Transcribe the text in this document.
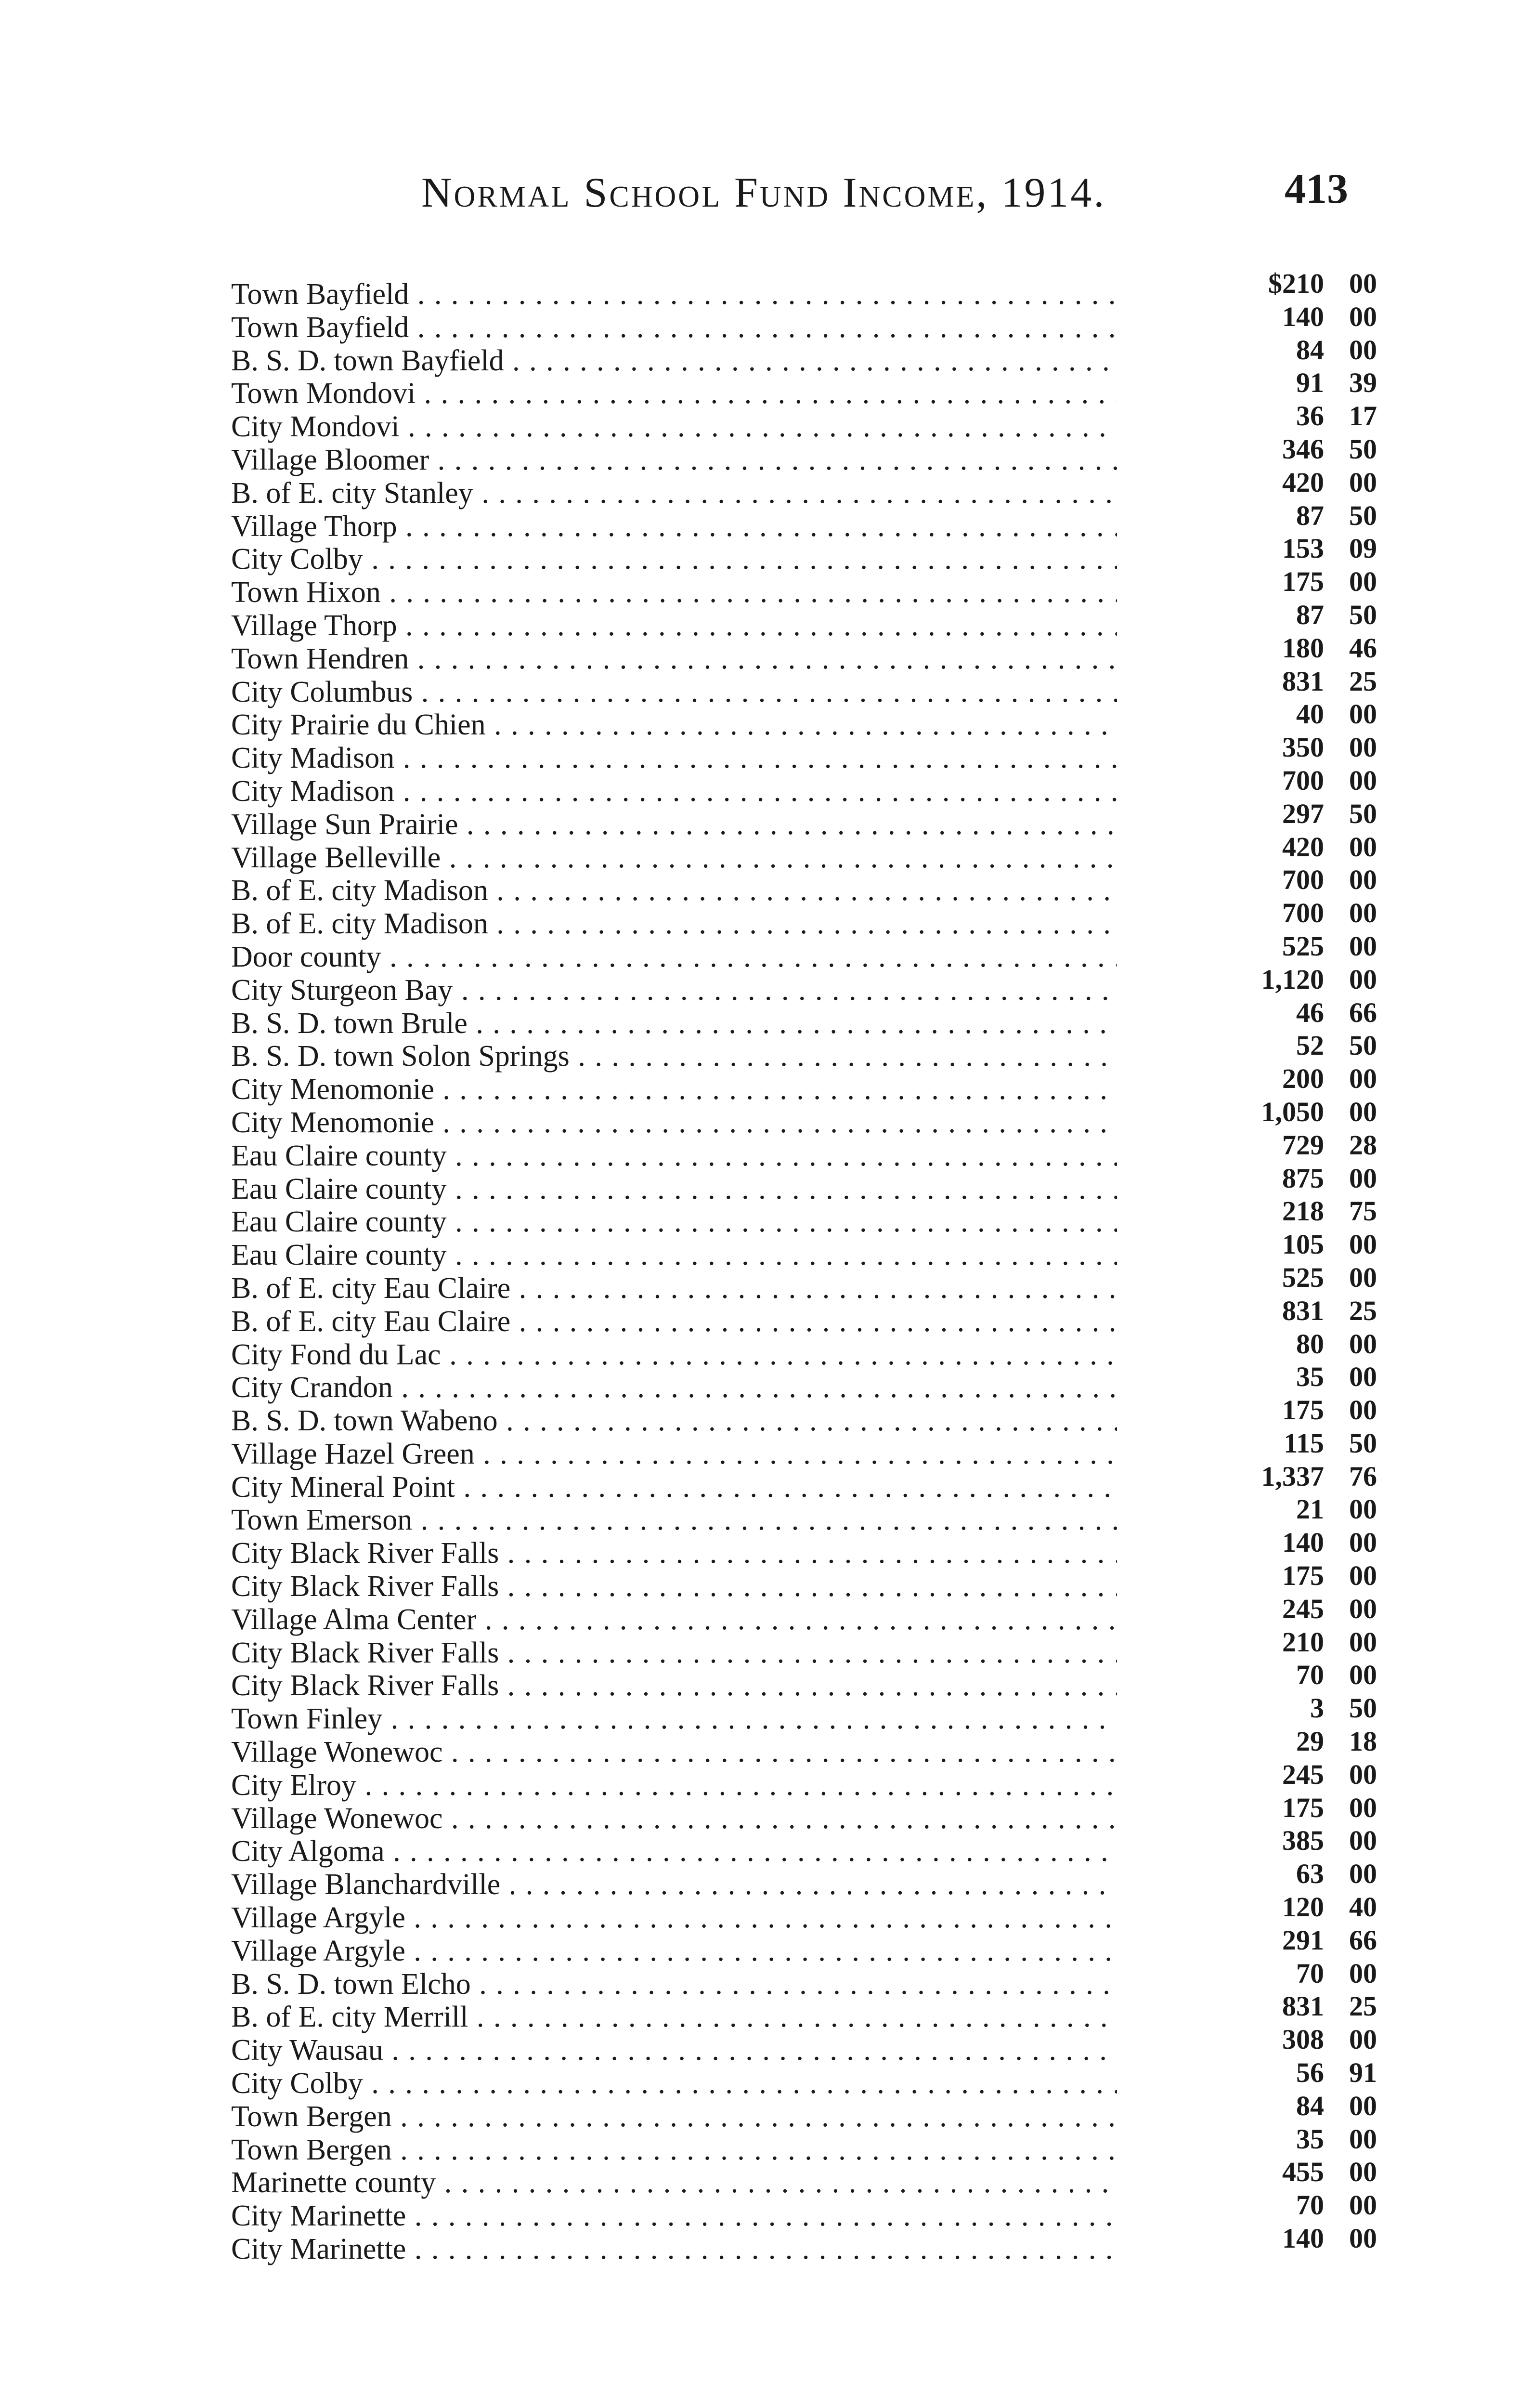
Normal School Fund Income, 1914.	413
Town Bayfield . . .	$210 00
Town Bayfield . . .	140 00
B. S. D. town Bayfield . . .	84 00
Town Mondovi . . .	91 39
City Mondovi . . .	36 17
Village Bloomer . . .	346 50
B. of E. city Stanley . . .	420 00
Village Thorp . . .	87 50
City Colby . . .	153 09
Town Hixon . . .	175 00
Village Thorp . . .	87 50
Town Hendren . . .	180 46
City Columbus . . .	831 25
City Prairie du Chien . . .	40 00
City Madison . . .	350 00
City Madison . . .	700 00
Village Sun Prairie . . .	297 50
Village Belleville . . .	420 00
B. of E. city Madison . . .	700 00
B. of E. city Madison . . .	700 00
Door county . . .	525 00
City Sturgeon Bay . . .	1,120 00
B. S. D. town Brule . . .	46 66
B. S. D. town Solon Springs . . .	52 50
City Menomonie . . .	200 00
City Menomonie . . .	1,050 00
Eau Claire county . . .	729 28
Eau Claire county . . .	875 00
Eau Claire county . . .	218 75
Eau Claire county . . .	105 00
B. of E. city Eau Claire . . .	525 00
B. of E. city Eau Claire . . .	831 25
City Fond du Lac . . .	80 00
City Crandon . . .	35 00
B. S. D. town Wabeno . . .	175 00
Village Hazel Green . . .	115 50
City Mineral Point . . .	1,337 76
Town Emerson . . .	21 00
City Black River Falls . . .	140 00
City Black River Falls . . .	175 00
Village Alma Center . . .	245 00
City Black River Falls . . .	210 00
City Black River Falls . . .	70 00
Town Finley . . .	3 50
Village Wonewoc . . .	29 18
City Elroy . . .	245 00
Village Wonewoc . . .	175 00
City Algoma . . .	385 00
Village Blanchardville . . .	63 00
Village Argyle . . .	120 40
Village Argyle . . .	291 66
B. S. D. town Elcho . . .	70 00
B. of E. city Merrill . . .	831 25
City Wausau . . .	308 00
City Colby . . .	56 91
Town Bergen . . .	84 00
Town Bergen . . .	35 00
Marinette county . . .	455 00
City Marinette . . .	70 00
City Marinette . . .	140 00
